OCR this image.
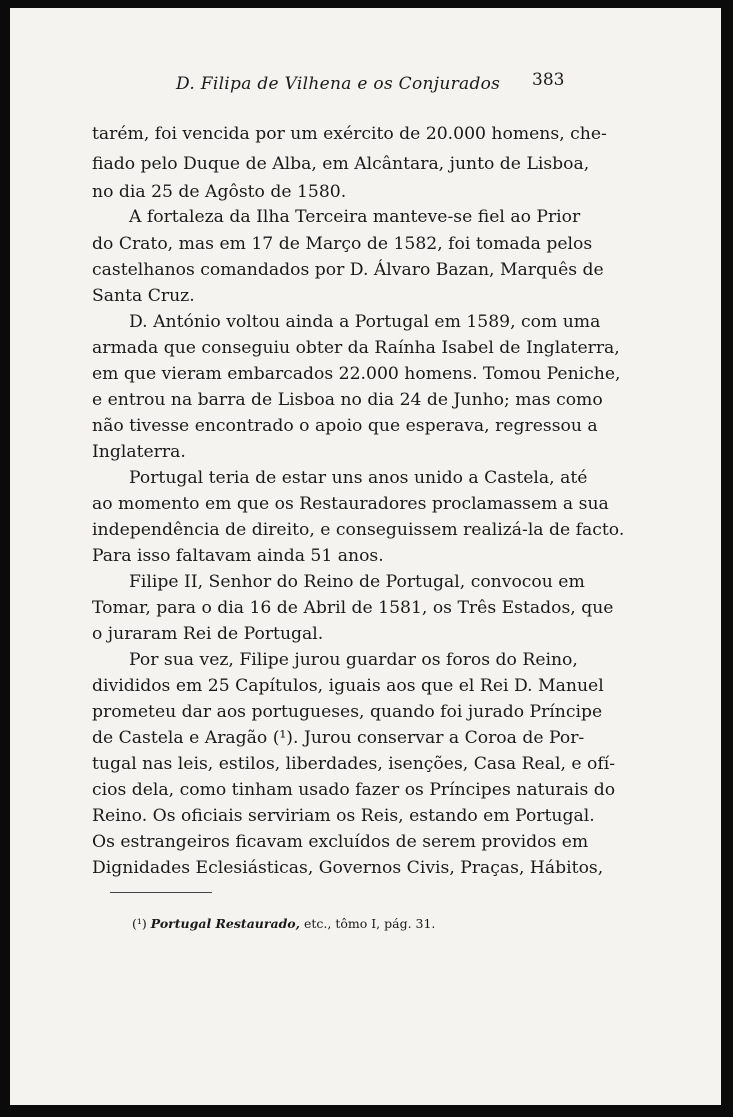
D. Filipa de Vilhena e os Conjurados 383
tarém, foi vencida por um exército de 20.000 homens, che-
fiado pelo Duque de Alba, em Alcântara, junto de Lisboa,
no dia 25 de Agôsto de 1580.
A fortaleza da Ilha Terceira manteve-se fiel ao Prior
do Crato, mas em 17 de Março de 1582, foi tomada pelos
castelhanos comandados por D. Álvaro Bazan, Marquês de
Santa Cruz.
D. António voltou ainda a Portugal em 1589, com uma
armada que conseguiu obter da Raínha Isabel de Inglaterra,
em que vieram embarcados 22.000 homens. Tomou Peniche,
e entrou na barra de Lisboa no dia 24 de Junho; mas como
não tivesse encontrado o apoio que esperava, regressou a
Inglaterra.
Portugal teria de estar uns anos unido a Castela, até
ao momento em que os Restauradores proclamassem a sua
independência de direito, e conseguissem realizá-la de facto.
Para isso faltavam ainda 51 anos.
Filipe II, Senhor do Reino de Portugal, convocou em
Tomar, para o dia 16 de Abril de 1581, os Três Estados, que
o juraram Rei de Portugal.
Por sua vez, Filipe jurou guardar os foros do Reino,
divididos em 25 Capítulos, iguais aos que el Rei D. Manuel
prometeu dar aos portugueses, quando foi jurado Príncipe
de Castela e Aragão (¹). Jurou conservar a Coroa de Por-
tugal nas leis, estilos, liberdades, isenções, Casa Real, e ofí-
cios dela, como tinham usado fazer os Príncipes naturais do
Reino. Os oficiais serviriam os Reis, estando em Portugal.
Os estrangeiros ficavam excluídos de serem providos em
Dignidades Eclesiásticas, Governos Civis, Praças, Hábitos,
(¹) Portugal Restaurado, etc., tômo I, pág. 31.
